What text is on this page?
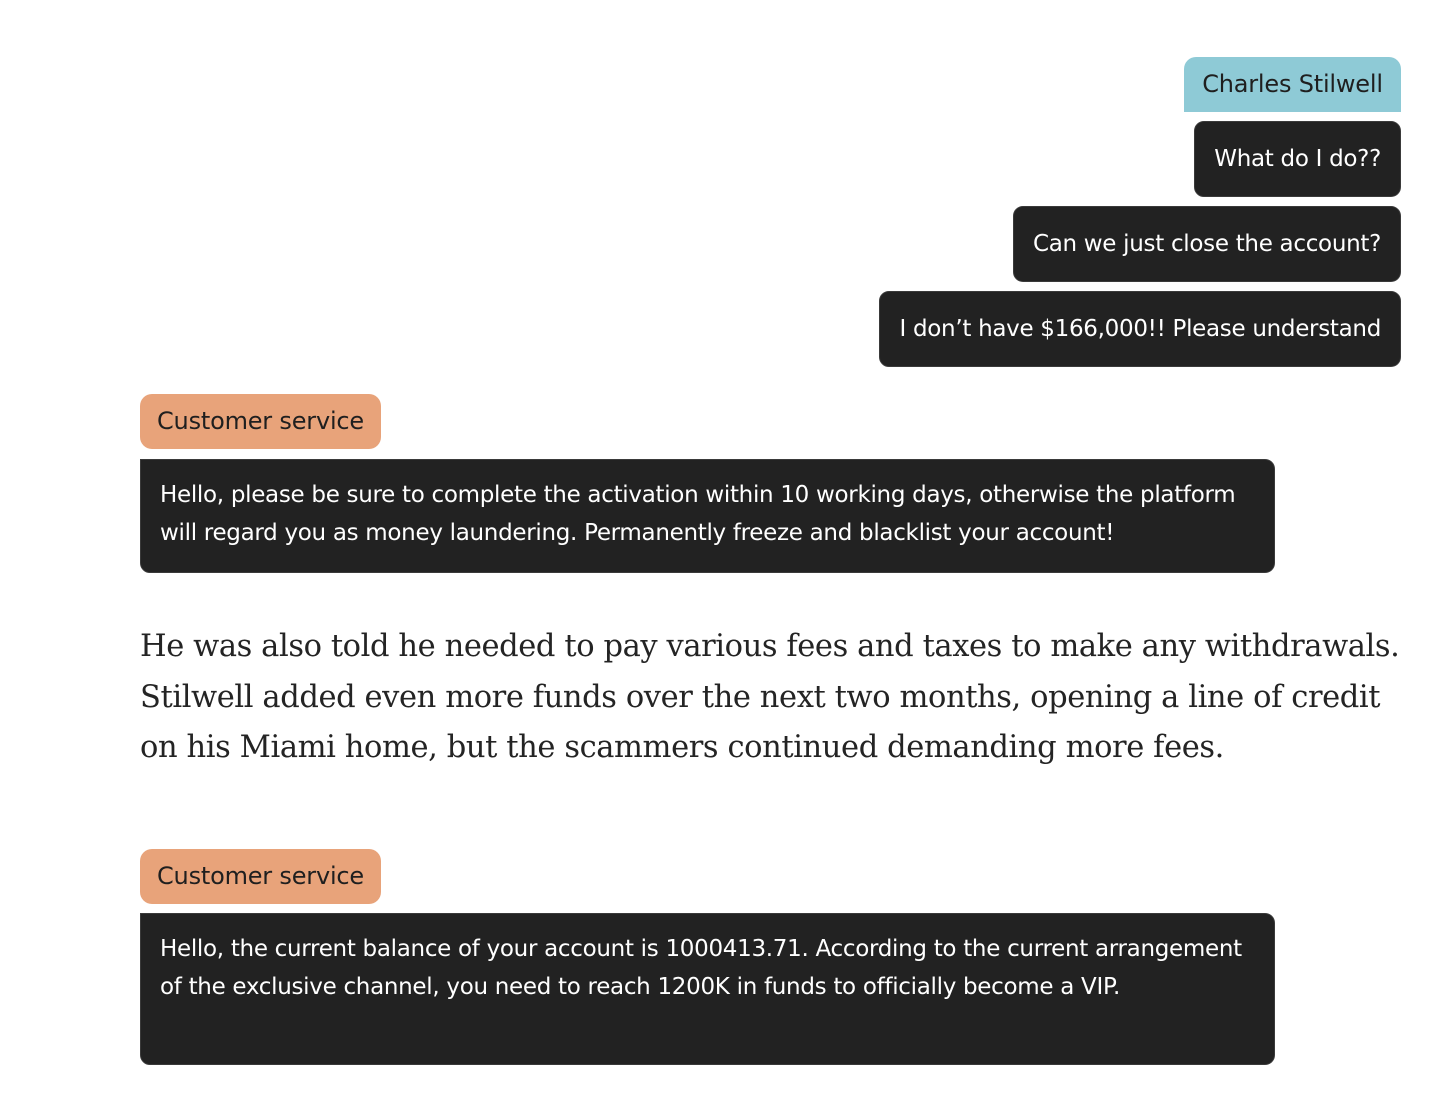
Charles Stilwell
What do I do??
Can we just close the account?
I don’t have $166,000!! Please understand
Customer service
Hello, please be sure to complete the activation within 10 working days, otherwise the platform will regard you as money laundering. Permanently freeze and blacklist your account!

He was also told he needed to pay various fees and taxes to make any withdrawals. Stilwell added even more funds over the next two months, opening a line of credit on his Miami home, but the scammers continued demanding more fees.

Customer service
Hello, the current balance of your account is 1000413.71. According to the current arrangement of the exclusive channel, you need to reach 1200K in funds to officially become a VIP.
